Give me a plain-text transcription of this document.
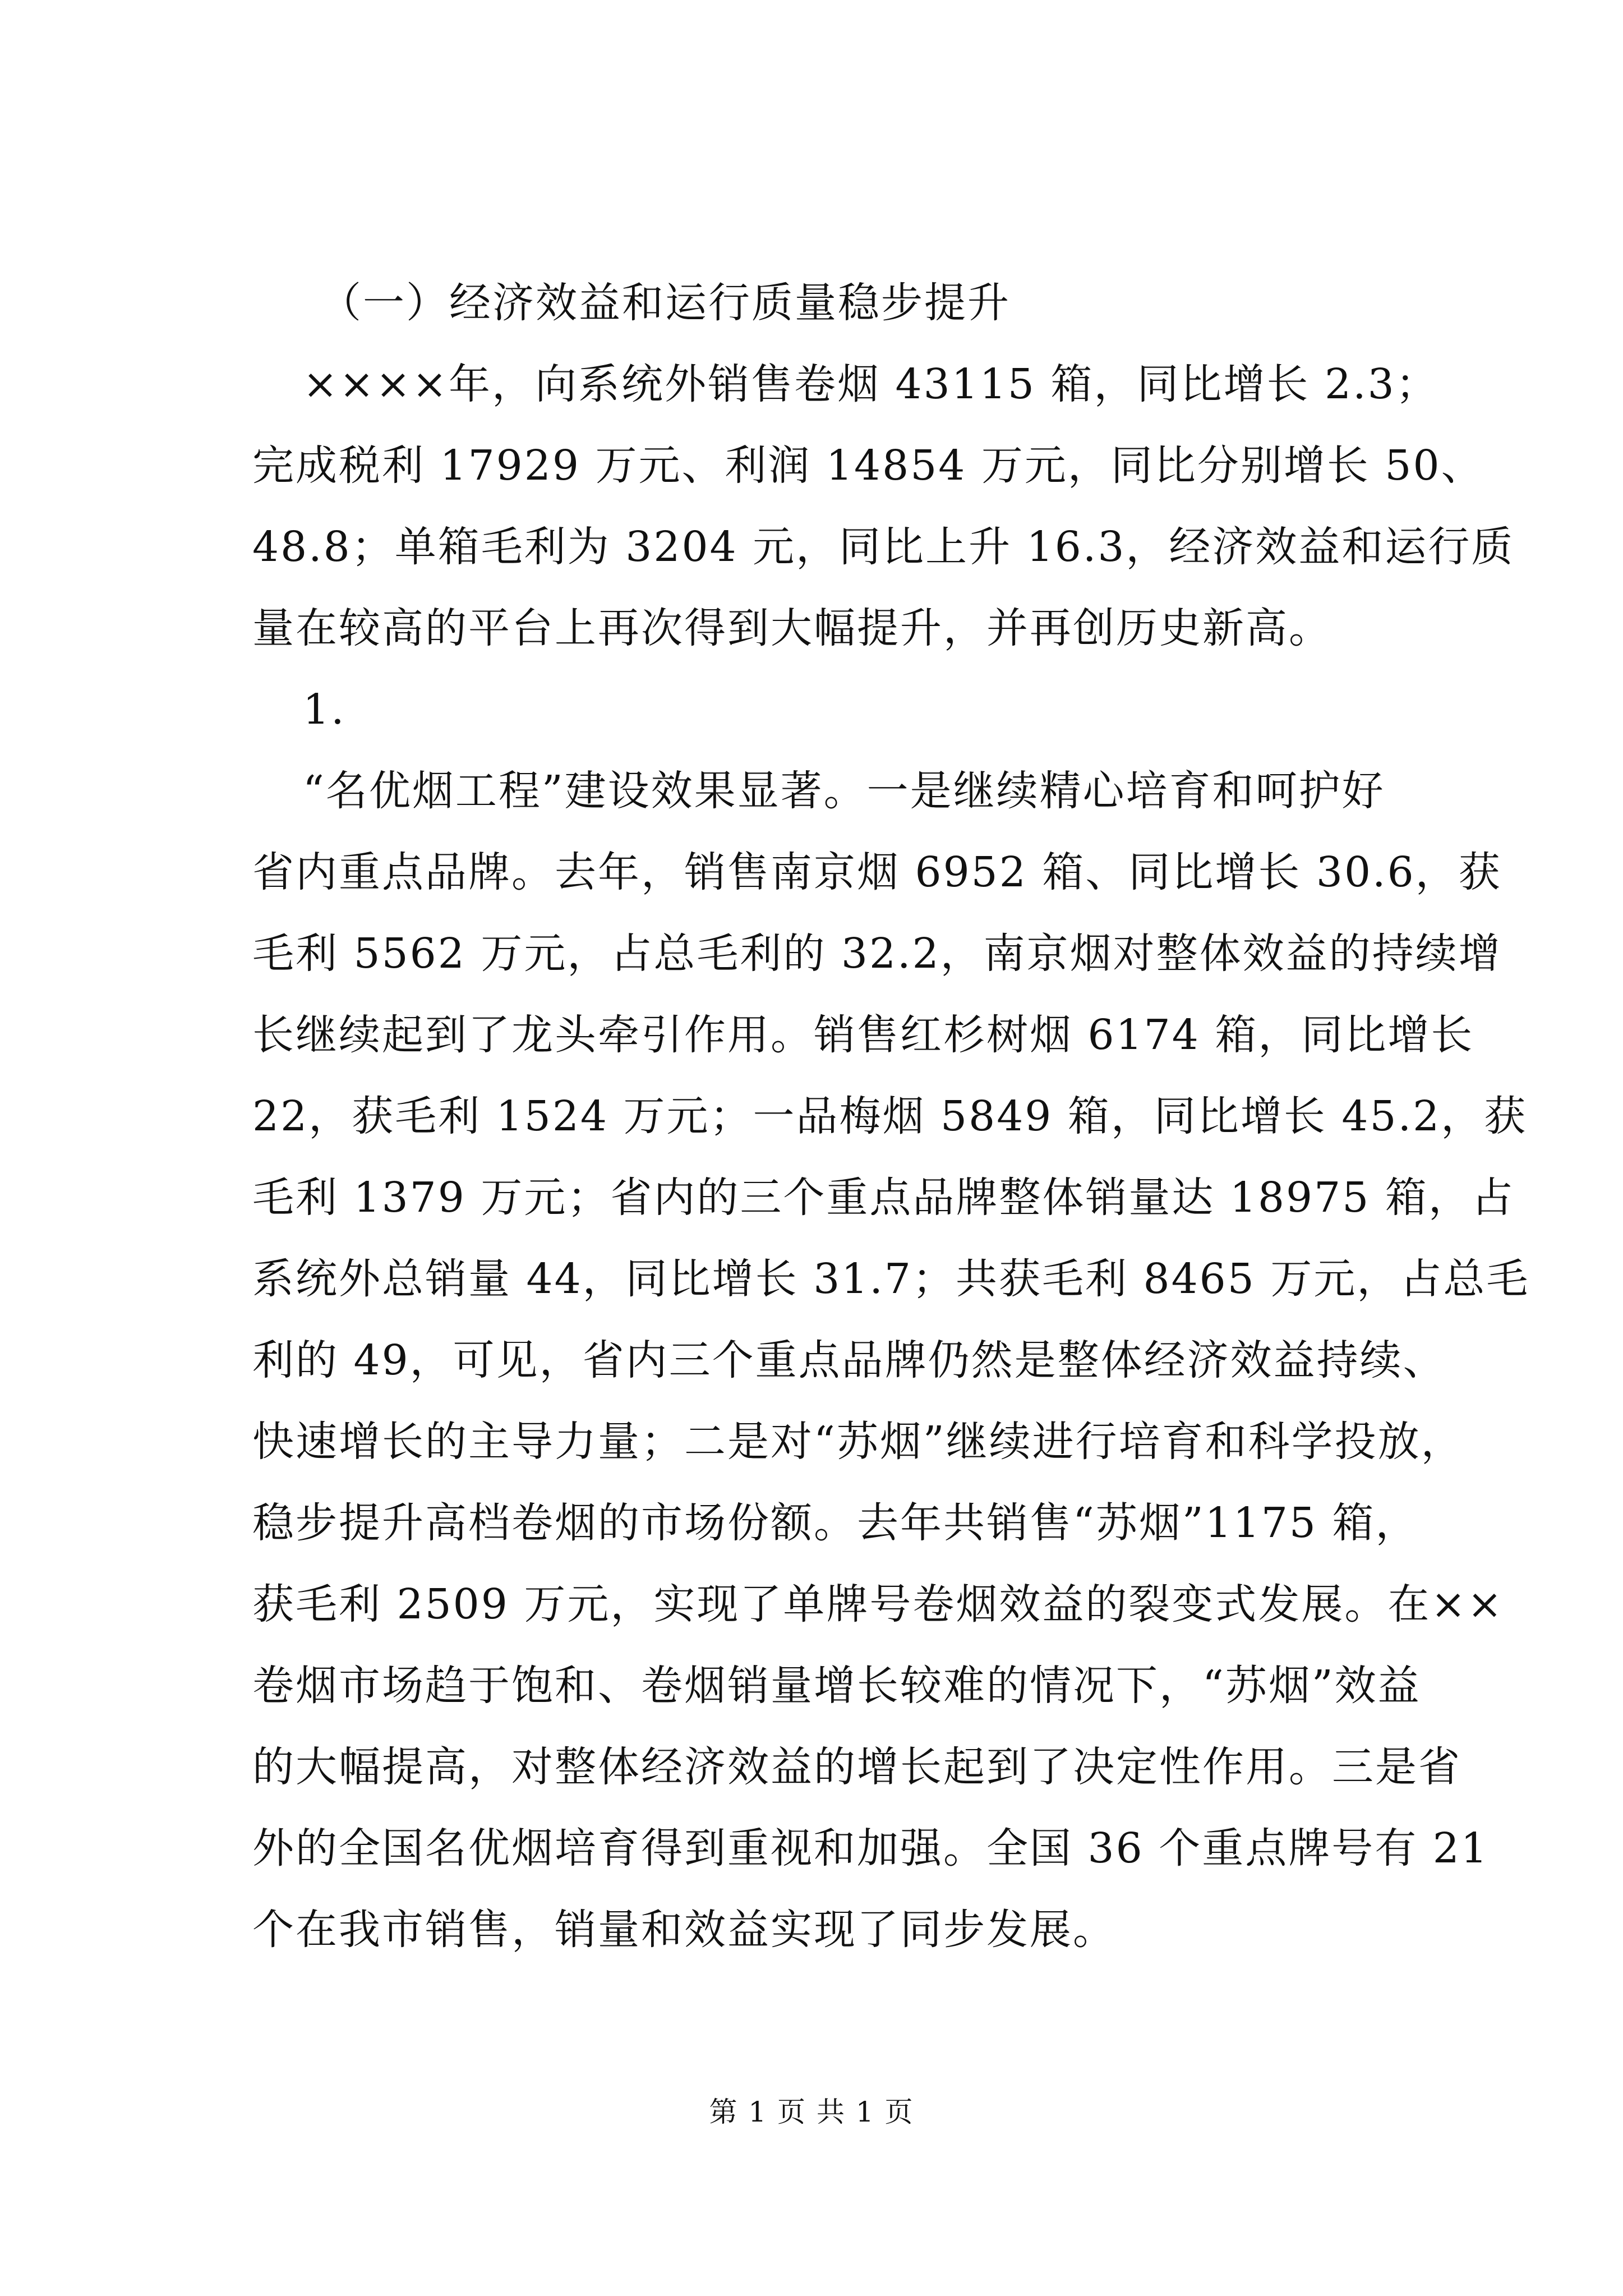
（一）经济效益和运行质量稳步提升
××××年，向系统外销售卷烟 43115 箱，同比增长 2.3；
完成税利 17929 万元、利润 14854 万元，同比分别增长 50、
48.8；单箱毛利为 3204 元，同比上升 16.3，经济效益和运行质
量在较高的平台上再次得到大幅提升，并再创历史新高。
1.
“名优烟工程”建设效果显著。一是继续精心培育和呵护好
省内重点品牌。去年，销售南京烟 6952 箱、同比增长 30.6，获
毛利 5562 万元，占总毛利的 32.2，南京烟对整体效益的持续增
长继续起到了龙头牵引作用。销售红杉树烟 6174 箱，同比增长
22，获毛利 1524 万元；一品梅烟 5849 箱，同比增长 45.2，获
毛利 1379 万元；省内的三个重点品牌整体销量达 18975 箱，占
系统外总销量 44，同比增长 31.7；共获毛利 8465 万元，占总毛
利的 49，可见，省内三个重点品牌仍然是整体经济效益持续、
快速增长的主导力量；二是对“苏烟”继续进行培育和科学投放，
稳步提升高档卷烟的市场份额。去年共销售“苏烟”1175 箱，
获毛利 2509 万元，实现了单牌号卷烟效益的裂变式发展。在××
卷烟市场趋于饱和、卷烟销量增长较难的情况下，“苏烟”效益
的大幅提高，对整体经济效益的增长起到了决定性作用。三是省
外的全国名优烟培育得到重视和加强。全国 36 个重点牌号有 21
个在我市销售，销量和效益实现了同步发展。
第 1 页 共 1 页
